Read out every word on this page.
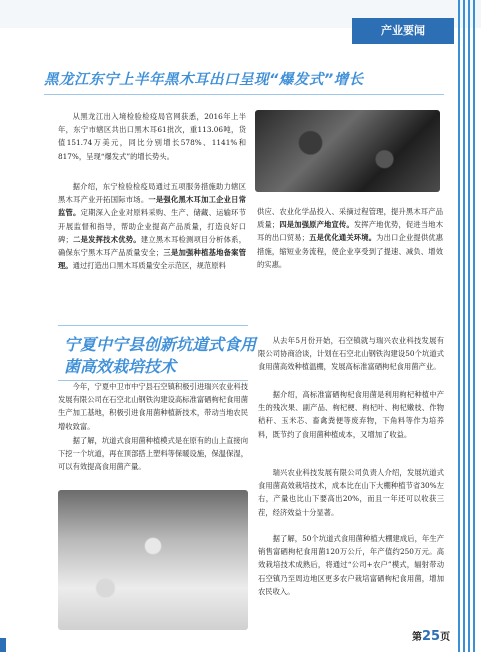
产业要闻
黑龙江东宁上半年黑木耳出口呈现“爆发式”增长

从黑龙江出入境检验检疫局官网获悉，2016年上半年，东宁市辖区共出口黑木耳61批次，重113.06吨，货值151.74万美元，同比分别增长578%、1141%和817%，呈现“爆发式”的增长势头。

据介绍，东宁检验检疫局通过五项服务措施助力辖区黑木耳产业开拓国际市场。一是强化黑木耳加工企业日常监管。定期深入企业对原料采购、生产、储藏、运输环节开展监督和指导，帮助企业提高产品质量，打造良好口碑；二是发挥技术优势。建立黑木耳检测项目分析体系，确保东宁黑木耳产品质量安全；三是加强种植基地备案管理。通过打造出口黑木耳质量安全示范区，规范原料

供应、农业化学品投入、采摘过程管理，提升黑木耳产品质量；四是加强原产地宣传。发挥产地优势，促进当地木耳的出口贸易；五是优化通关环境。为出口企业提供优惠措施，缩短业务流程，使企业享受到了提速、减负、增效的实惠。

宁夏中宁县创新坑道式食用菌高效栽培技术

今年，宁夏中卫市中宁县石空镇积极引进瑞兴农业科技发展有限公司在石空北山钢铁沟建设高标准富硒枸杞食用菌生产加工基地，积极引进食用菌种植新技术，带动当地农民增收致富。

据了解，坑道式食用菌种植模式是在原有的山上直接向下挖一个坑道，再在顶部搭上塑料等保暖设施，保温保湿，可以有效提高食用菌产量。

从去年5月份开始，石空镇就与瑞兴农业科技发展有限公司协商洽谈，计划在石空北山钢铁沟建设50个坑道式食用菌高效种植温棚，发展高标准富硒枸杞食用菌产业。

据介绍，高标准富硒枸杞食用菌是利用枸杞种植中产生的残次果、副产品、枸杞梗、枸杞叶、枸杞嫩枝、作物秸秆、玉米芯、畜禽粪便等废弃物，下角料等作为培养料，既节约了食用菌种植成本，又增加了收益。

瑞兴农业科技发展有限公司负责人介绍，发展坑道式食用菌高效栽培技术，成本比在山下大棚种植节省30%左右，产量也比山下要高出20%，而且一年还可以收获三茬，经济效益十分显著。

据了解，50个坑道式食用菌种植大棚建成后，年生产销售富硒枸杞食用菌120万公斤，年产值约250万元。高效栽培技术成熟后，将通过“公司+农户”模式，辐射带动石空镇乃至周边地区更多农户栽培富硒枸杞食用菌，增加农民收入。

第25页
